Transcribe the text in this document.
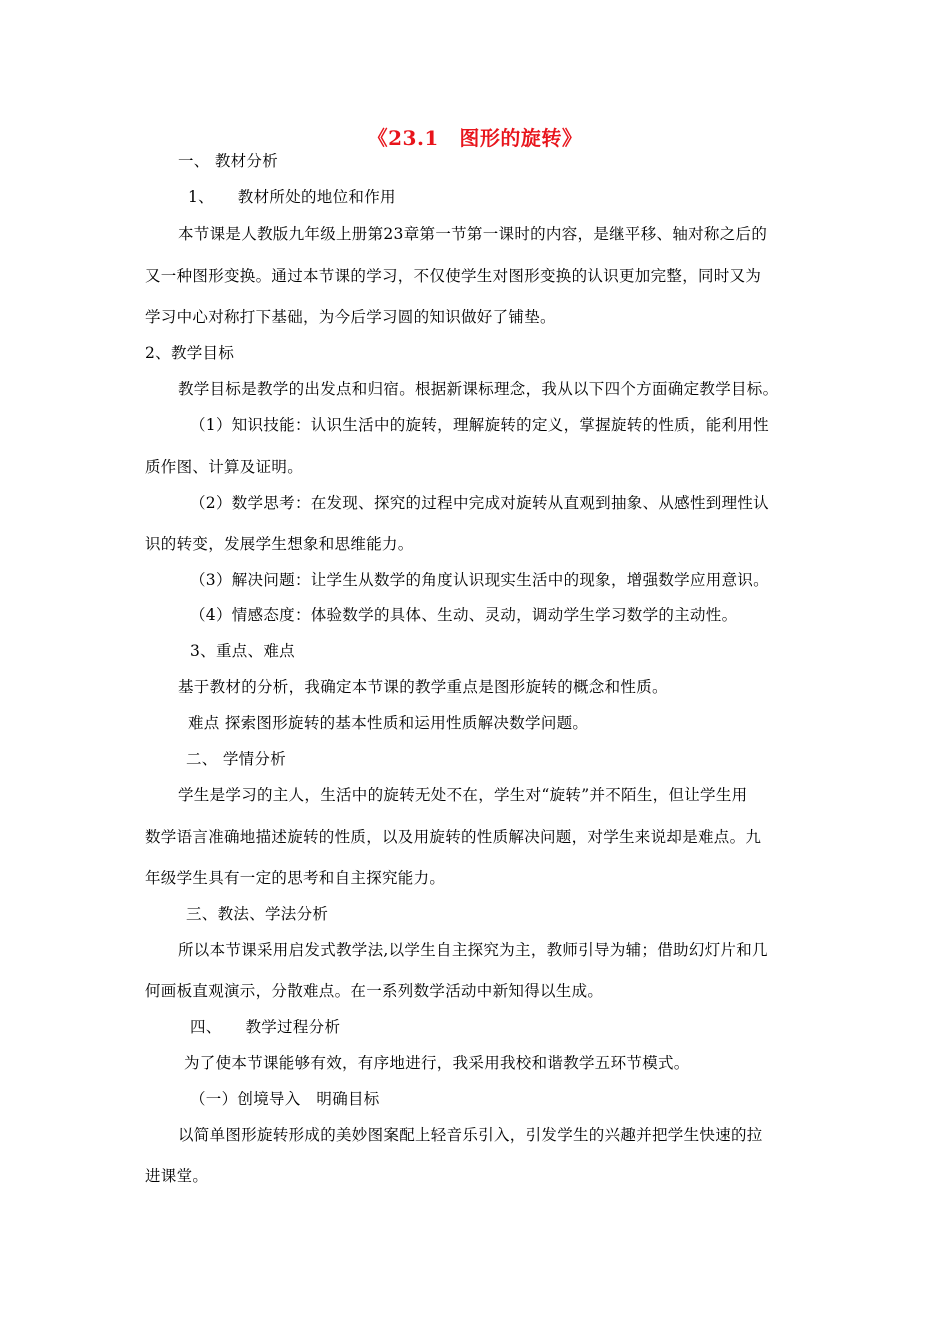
《23.1　图形的旋转》
一、 教材分析
1、　　教材所处的地位和作用
本节课是人教版九年级上册第23章第一节第一课时的内容，是继平移、轴对称之后的
又一种图形变换。通过本节课的学习，不仅使学生对图形变换的认识更加完整，同时又为
学习中心对称打下基础，为今后学习圆的知识做好了铺垫。
2、教学目标
教学目标是教学的出发点和归宿。根据新课标理念，我从以下四个方面确定教学目标。
（1）知识技能：认识生活中的旋转，理解旋转的定义，掌握旋转的性质，能利用性
质作图、计算及证明。
（2）数学思考：在发现、探究的过程中完成对旋转从直观到抽象、从感性到理性认
识的转变，发展学生想象和思维能力。
（3）解决问题：让学生从数学的角度认识现实生活中的现象，增强数学应用意识。
（4）情感态度：体验数学的具体、生动、灵动，调动学生学习数学的主动性。
3、重点、难点
基于教材的分析，我确定本节课的教学重点是图形旋转的概念和性质。
难点 探索图形旋转的基本性质和运用性质解决数学问题。
二、 学情分析
学生是学习的主人，生活中的旋转无处不在，学生对“旋转”并不陌生，但让学生用
数学语言准确地描述旋转的性质，以及用旋转的性质解决问题，对学生来说却是难点。九
年级学生具有一定的思考和自主探究能力。
三、教法、学法分析
所以本节课采用启发式教学法,以学生自主探究为主，教师引导为辅；借助幻灯片和几
何画板直观演示，分散难点。在一系列数学活动中新知得以生成。
四、　　教学过程分析
为了使本节课能够有效，有序地进行，我采用我校和谐教学五环节模式。
（一）创境导入　明确目标
以简单图形旋转形成的美妙图案配上轻音乐引入，引发学生的兴趣并把学生快速的拉
进课堂。
